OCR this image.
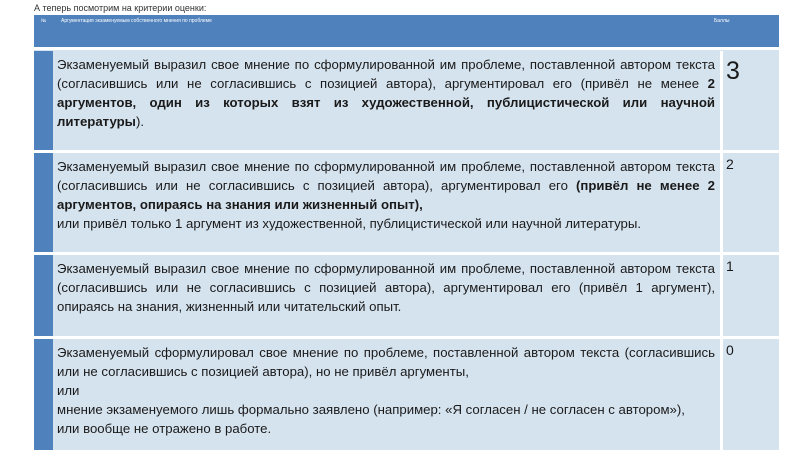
А теперь посмотрим на критерии оценки:
№	Аргументация экзаменуемым собственного мнения по проблеме	Баллы
Экзаменуемый выразил свое мнение по сформулированной им проблеме, поставленной автором текста (согласившись или не согласившись с позицией автора), аргументировал его (привёл не менее 2 аргументов, один из которых взят из художественной, публицистической или научной литературы).
3
Экзаменуемый выразил свое мнение по сформулированной им проблеме, поставленной автором текста (согласившись или не согласившись с позицией автора), аргументировал его (привёл не менее 2 аргументов, опираясь на знания или жизненный опыт),
или привёл только 1 аргумент из художественной, публицистической или научной литературы.
2
Экзаменуемый выразил свое мнение по сформулированной им проблеме, поставленной автором текста (согласившись или не согласившись с позицией автора), аргументировал его (привёл 1 аргумент), опираясь на знания, жизненный или читательский опыт.
1
Экзаменуемый сформулировал свое мнение по проблеме, поставленной автором текста (согласившись или не согласившись с позицией автора), но не привёл аргументы,
или
мнение экзаменуемого лишь формально заявлено (например: «Я согласен / не согласен с автором»),
или вообще не отражено в работе.
0
